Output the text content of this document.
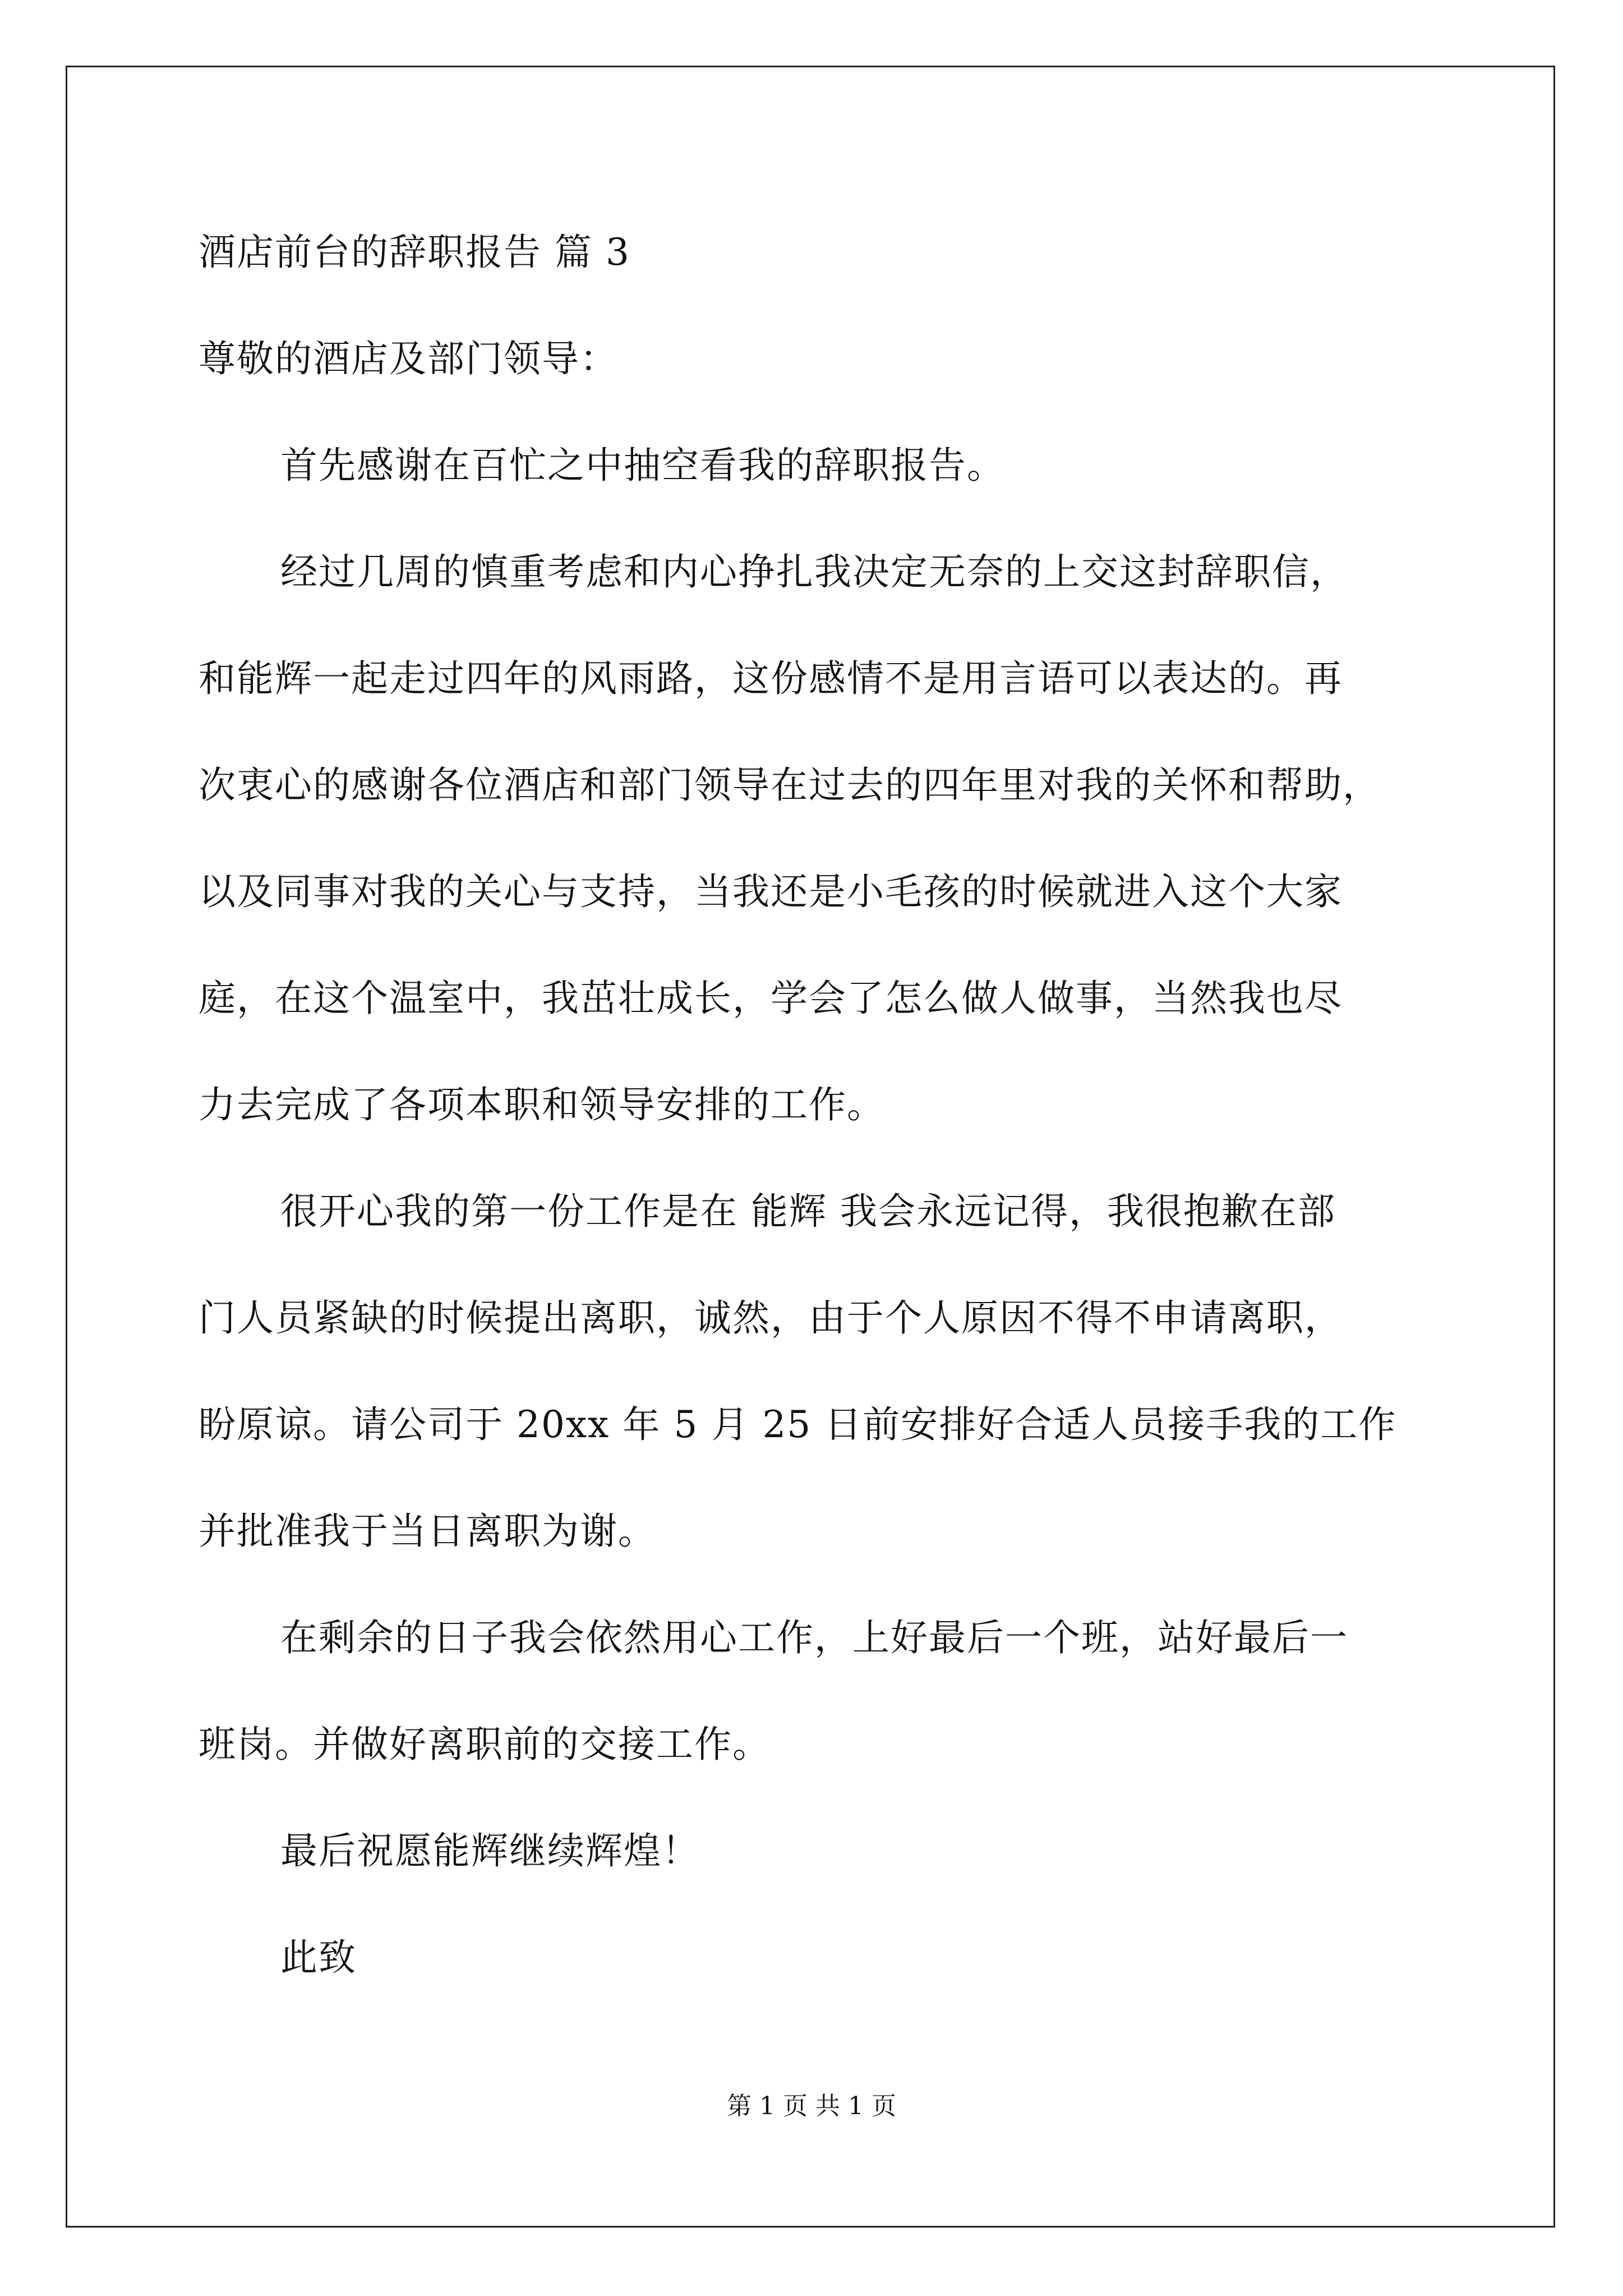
酒店前台的辞职报告 篇 3
尊敬的酒店及部门领导：
首先感谢在百忙之中抽空看我的辞职报告。
经过几周的慎重考虑和内心挣扎我决定无奈的上交这封辞职信，
和能辉一起走过四年的风雨路，这份感情不是用言语可以表达的。再
次衷心的感谢各位酒店和部门领导在过去的四年里对我的关怀和帮助，
以及同事对我的关心与支持，当我还是小毛孩的时候就进入这个大家
庭，在这个温室中，我茁壮成长，学会了怎么做人做事，当然我也尽
力去完成了各项本职和领导安排的工作。
很开心我的第一份工作是在 能辉 我会永远记得，我很抱歉在部
门人员紧缺的时候提出离职，诚然，由于个人原因不得不申请离职，
盼原谅。请公司于 20xx 年 5 月 25 日前安排好合适人员接手我的工作
并批准我于当日离职为谢。
在剩余的日子我会依然用心工作，上好最后一个班，站好最后一
班岗。并做好离职前的交接工作。
最后祝愿能辉继续辉煌！
此致
第 1 页 共 1 页
